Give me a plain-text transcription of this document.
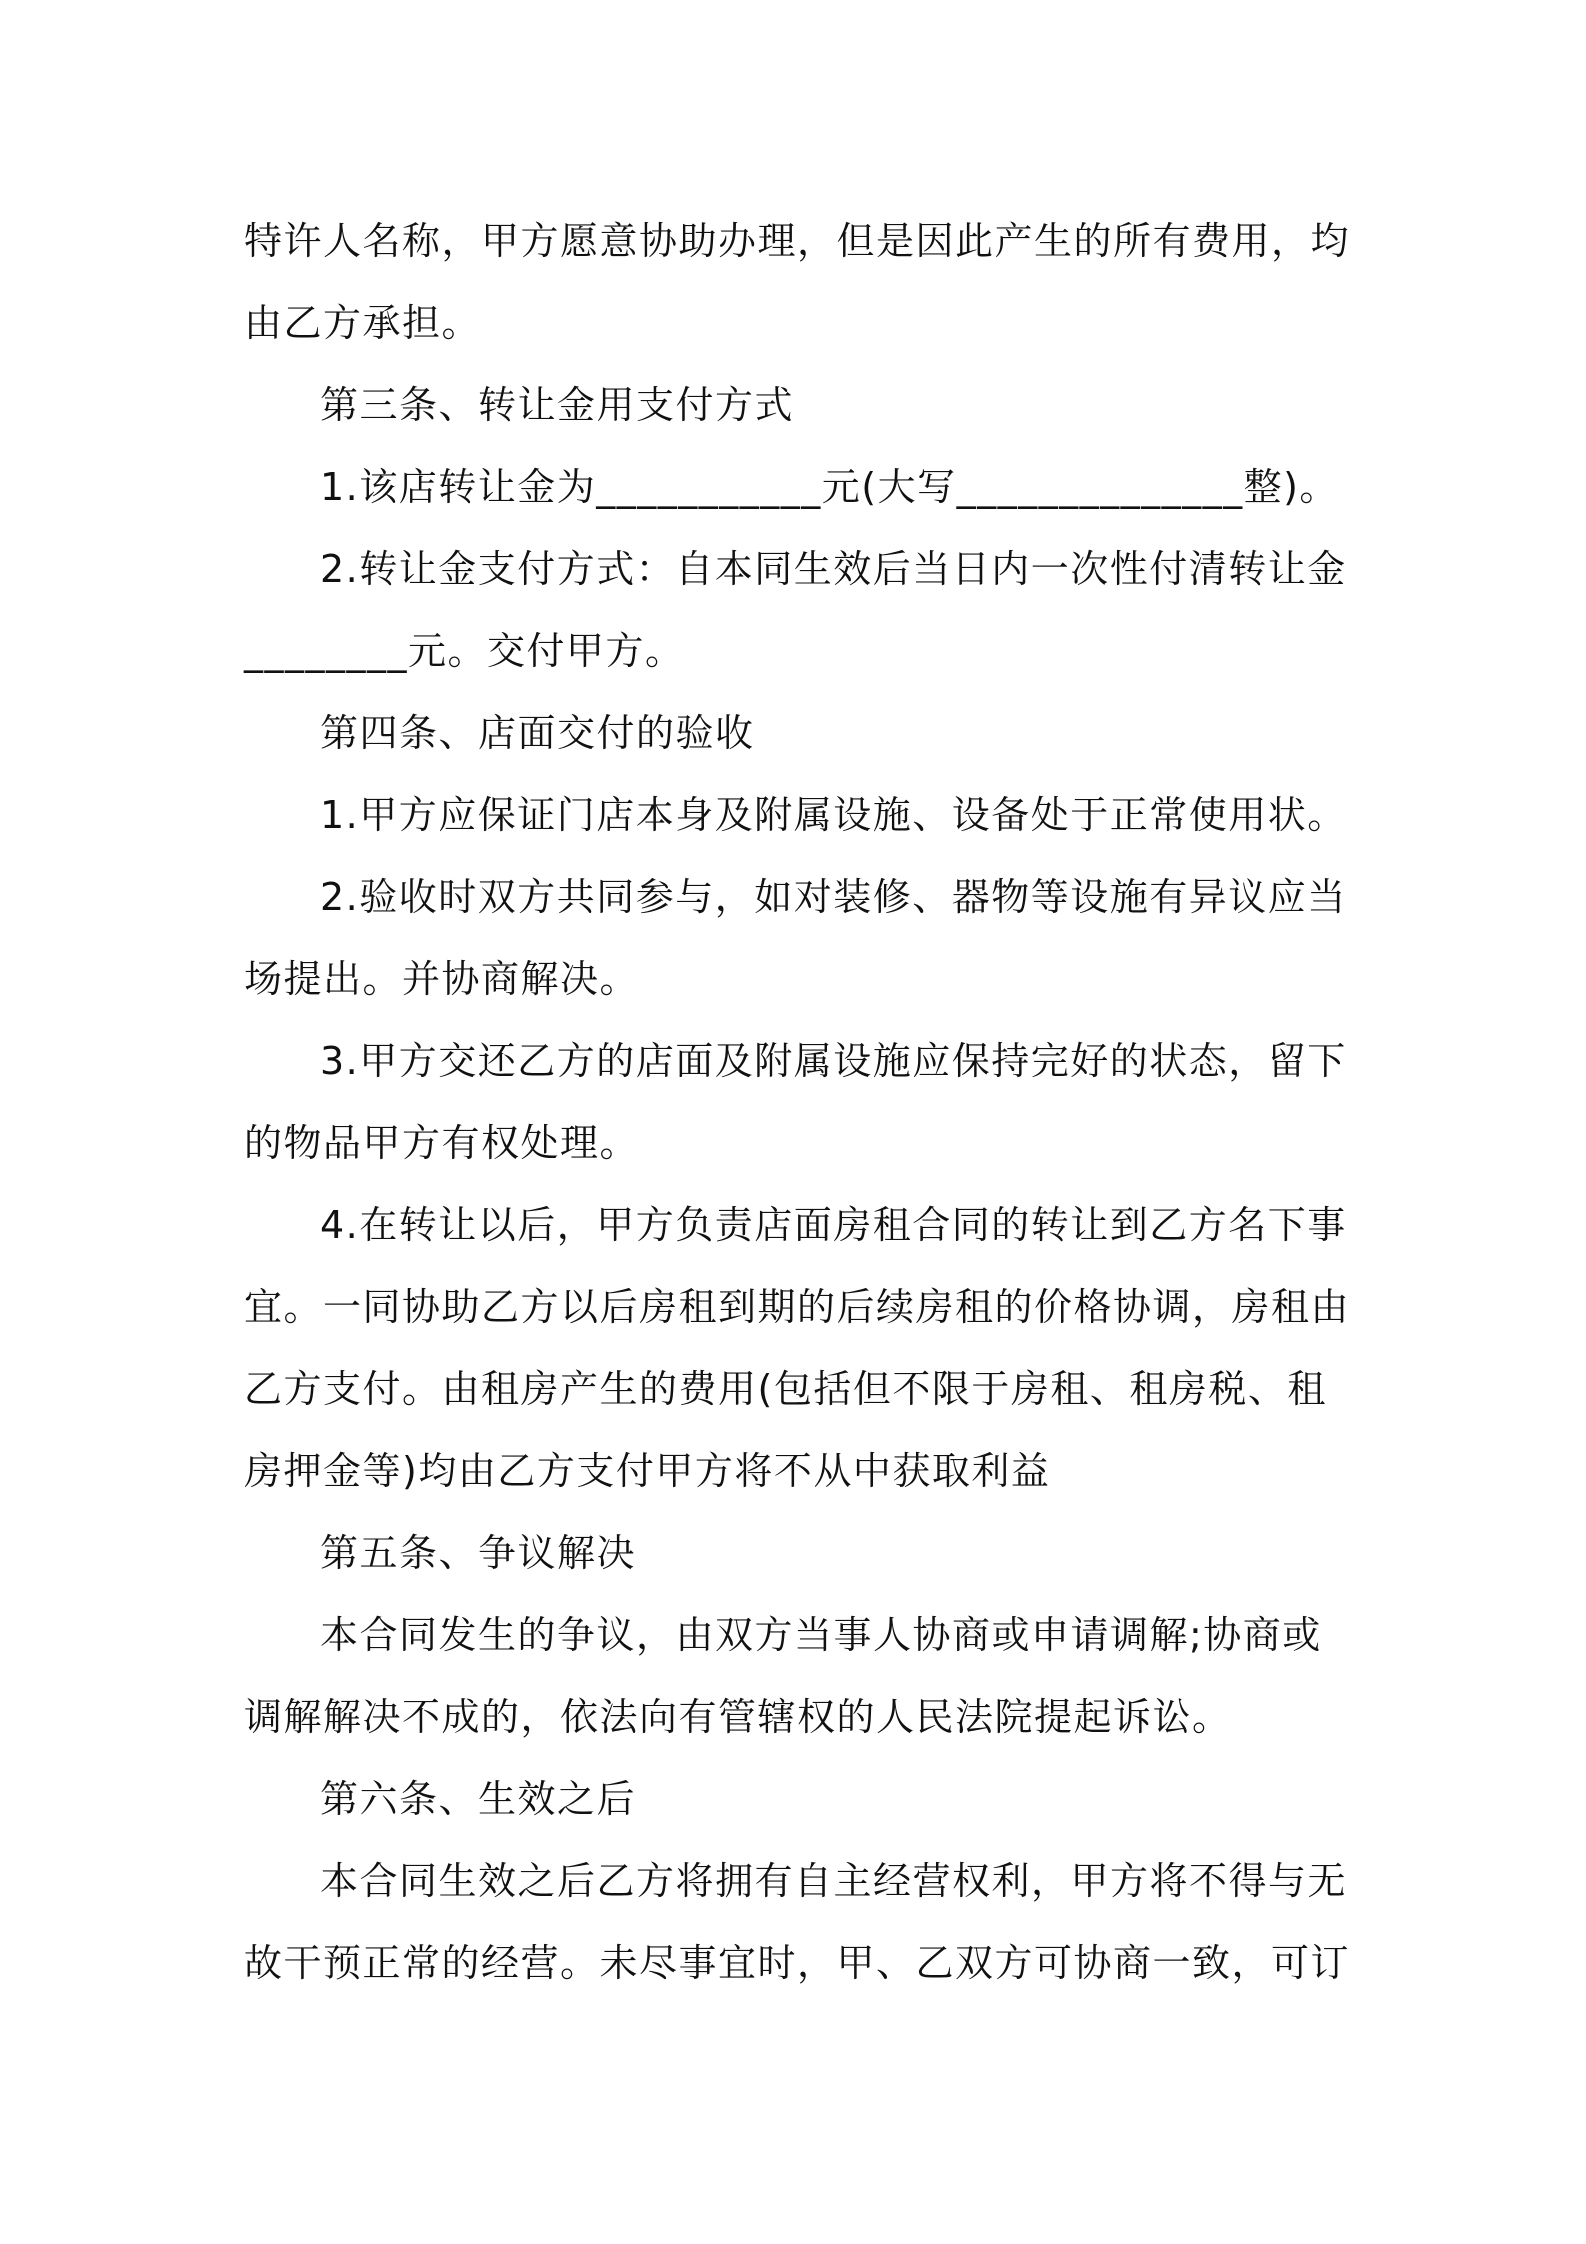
特许人名称，甲方愿意协助办理，但是因此产生的所有费用，均由乙方承担。

第三条、转让金用支付方式

1.该店转让金为___________元(大写______________整)。

2.转让金支付方式：自本同生效后当日内一次性付清转让金________元。交付甲方。

第四条、店面交付的验收

1.甲方应保证门店本身及附属设施、设备处于正常使用状。

2.验收时双方共同参与，如对装修、器物等设施有异议应当场提出。并协商解决。

3.甲方交还乙方的店面及附属设施应保持完好的状态，留下的物品甲方有权处理。

4.在转让以后，甲方负责店面房租合同的转让到乙方名下事宜。一同协助乙方以后房租到期的后续房租的价格协调，房租由乙方支付。由租房产生的费用(包括但不限于房租、租房税、租房押金等)均由乙方支付甲方将不从中获取利益

第五条、争议解决

本合同发生的争议，由双方当事人协商或申请调解;协商或调解解决不成的，依法向有管辖权的人民法院提起诉讼。

第六条、生效之后

本合同生效之后乙方将拥有自主经营权利，甲方将不得与无故干预正常的经营。未尽事宜时，甲、乙双方可协商一致，可订
